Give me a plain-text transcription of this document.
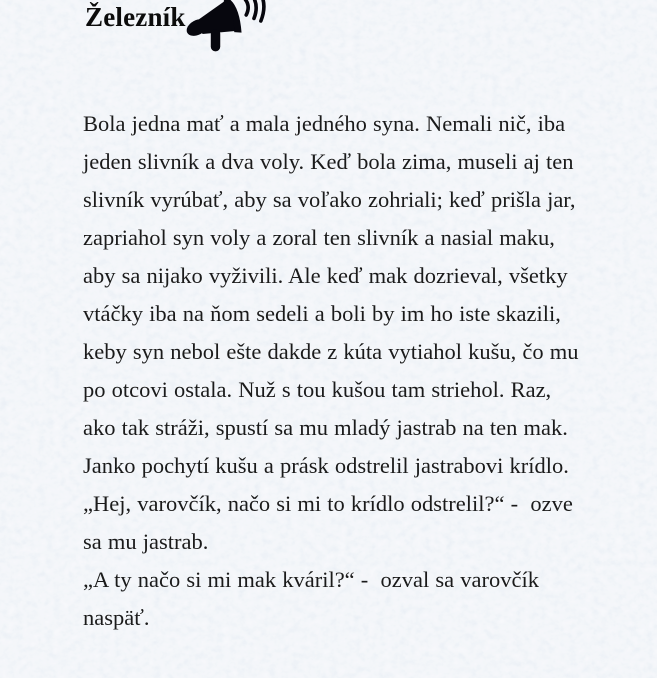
Železník
Bola jedna mať a mala jedného syna. Nemali nič, iba
jeden slivník a dva voly. Keď bola zima, museli aj ten
slivník vyrúbať, aby sa voľako zohriali; keď prišla jar,
zapriahol syn voly a zoral ten slivník a nasial maku,
aby sa nijako vyživili. Ale keď mak dozrieval, všetky
vtáčky iba na ňom sedeli a boli by im ho iste skazili,
keby syn nebol ešte dakde z kúta vytiahol kušu, čo mu
po otcovi ostala. Nuž s tou kušou tam striehol. Raz,
ako tak stráži, spustí sa mu mladý jastrab na ten mak.
Janko pochytí kušu a prásk odstrelil jastrabovi krídlo.
„Hej, varovčík, načo si mi to krídlo odstrelil?“ -  ozve
sa mu jastrab.
„A ty načo si mi mak kváril?“ -  ozval sa varovčík
naspäť.
